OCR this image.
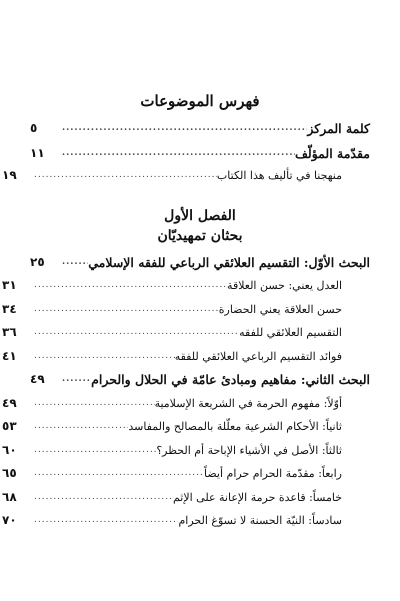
فهرس الموضوعات
كلمة المركز
.....
٥
مقدّمة المؤلّف
.....
١١
منهجنا في تأليف هذا الكتاب
.....
١٩
الفصل الأول
بحثان تمهيديّان
البحث الأوّل: التقسيم العلائقي الرباعي للفقه الإسلامي
.....
٢٥
العدل يعني: حسن العلاقة
.....
٣١
حسن العلاقة يعني الحضارة
.....
٣٤
التقسيم العلائقي للفقه
.....
٣٦
فوائد التقسيم الرباعي العلائقي للفقه
.....
٤١
البحث الثاني: مفاهيم ومبادئ عامّة في الحلال والحرام
.....
٤٩
أوّلاً: مفهوم الحرمة في الشريعة الإسلامية
.....
٤٩
ثانياً: الأحكام الشرعية معلّلة بالمصالح والمفاسد
.....
٥٣
ثالثاً: الأصل في الأشياء الإباحة أم الحظر؟
.....
٦٠
رابعاً: مقدّمة الحرام حرام أيضاً
.....
٦٥
خامساً: قاعدة حرمة الإعانة على الإثم
.....
٦٨
سادساً: النيّة الحسنة لا تسوّغ الحرام
.....
٧٠
